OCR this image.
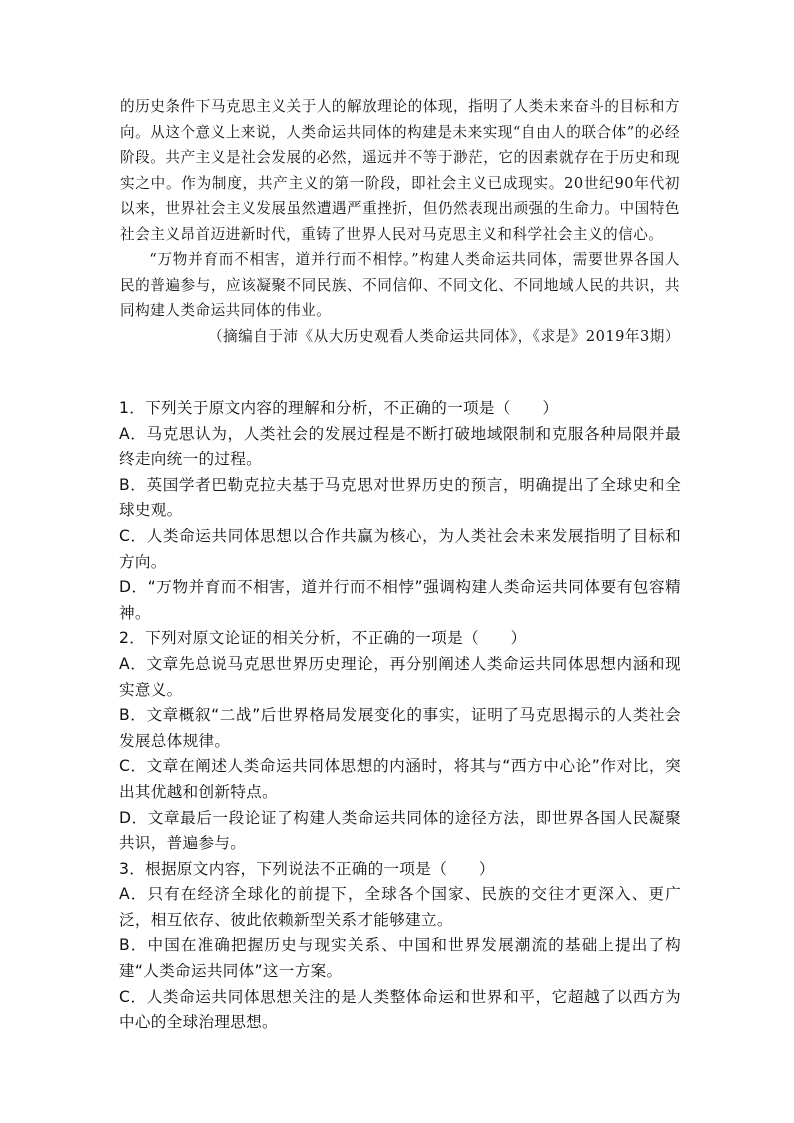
的历史条件下马克思主义关于人的解放理论的体现，指明了人类未来奋斗的目标和方向。从这个意义上来说，人类命运共同体的构建是未来实现“自由人的联合体”的必经阶段。共产主义是社会发展的必然，遥远并不等于渺茫，它的因素就存在于历史和现实之中。作为制度，共产主义的第一阶段，即社会主义已成现实。20世纪90年代初以来，世界社会主义发展虽然遭遇严重挫折，但仍然表现出顽强的生命力。中国特色社会主义昂首迈进新时代，重铸了世界人民对马克思主义和科学社会主义的信心。

“万物并育而不相害，道并行而不相悖。”构建人类命运共同体，需要世界各国人民的普遍参与，应该凝聚不同民族、不同信仰、不同文化、不同地域人民的共识，共同构建人类命运共同体的伟业。

（摘编自于沛《从大历史观看人类命运共同体》，《求是》2019年3期）

1．下列关于原文内容的理解和分析，不正确的一项是（　　）

A．马克思认为，人类社会的发展过程是不断打破地域限制和克服各种局限并最终走向统一的过程。

B．英国学者巴勒克拉夫基于马克思对世界历史的预言，明确提出了全球史和全球史观。

C．人类命运共同体思想以合作共赢为核心，为人类社会未来发展指明了目标和方向。

D．“万物并育而不相害，道并行而不相悖”强调构建人类命运共同体要有包容精神。

2．下列对原文论证的相关分析，不正确的一项是（　　）

A．文章先总说马克思世界历史理论，再分别阐述人类命运共同体思想内涵和现实意义。

B．文章概叙“二战”后世界格局发展变化的事实，证明了马克思揭示的人类社会发展总体规律。

C．文章在阐述人类命运共同体思想的内涵时，将其与“西方中心论”作对比，突出其优越和创新特点。

D．文章最后一段论证了构建人类命运共同体的途径方法，即世界各国人民凝聚共识，普遍参与。

3．根据原文内容，下列说法不正确的一项是（　　）

A．只有在经济全球化的前提下，全球各个国家、民族的交往才更深入、更广泛，相互依存、彼此依赖新型关系才能够建立。

B．中国在准确把握历史与现实关系、中国和世界发展潮流的基础上提出了构建“人类命运共同体”这一方案。

C．人类命运共同体思想关注的是人类整体命运和世界和平，它超越了以西方为中心的全球治理思想。
